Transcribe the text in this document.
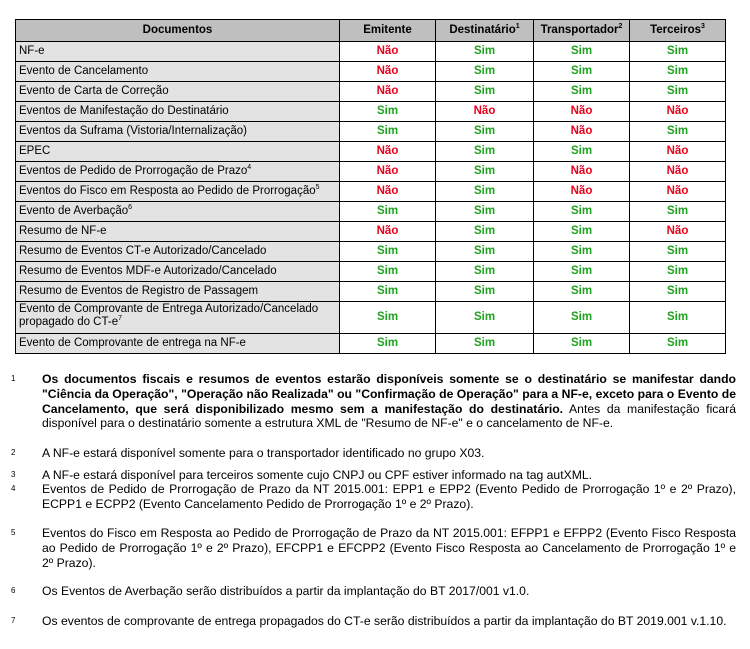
Documentos	Emitente	Destinatário$^1$	Transportador$^2$	Terceiros$^3$
NF-e	Não	Sim	Sim	Sim
Evento de Cancelamento	Não	Sim	Sim	Sim
Evento de Carta de Correção	Não	Sim	Sim	Sim
Eventos de Manifestação do Destinatário	Sim	Não	Não	Não
Eventos da Suframa (Vistoria/Internalização)	Sim	Sim	Não	Sim
EPEC	Não	Sim	Sim	Não
Eventos de Pedido de Prorrogação de Prazo$^4$	Não	Sim	Não	Não
Eventos do Fisco em Resposta ao Pedido de Prorrogação$^5$	Não	Sim	Não	Não
Evento de Averbação$^6$	Sim	Sim	Sim	Sim
Resumo de NF-e	Não	Sim	Sim	Não
Resumo de Eventos CT-e Autorizado/Cancelado	Sim	Sim	Sim	Sim
Resumo de Eventos MDF-e Autorizado/Cancelado	Sim	Sim	Sim	Sim
Resumo de Eventos de Registro de Passagem	Sim	Sim	Sim	Sim
Evento de Comprovante de Entrega Autorizado/Cancelado propagado do $CT-e^7$	Sim	Sim	Sim	Sim
Evento de Comprovante de entrega na NF-e	Sim	Sim	Sim	Sim
1 Os documentos fiscais e resumos de eventos estarão disponíveis somente se o destinatário se manifestar dando "Ciência da Operação", "Operação não Realizada" ou "Confirmação de Operação" para a NF-e, exceto para o Evento de Cancelamento, que será disponibilizado mesmo sem a manifestação do destinatário. Antes da manifestação ficará disponível para o destinatário somente a estrutura XML de "Resumo de NF-e" e o cancelamento de NF-e.
2 A NF-e estará disponível somente para o transportador identificado no grupo X03.
3 A NF-e estará disponível para terceiros somente cujo CNPJ ou CPF estiver informado na tag autXML.
4 Eventos de Pedido de Prorrogação de Prazo da NT 2015.001: EPP1 e EPP2 (Evento Pedido de Prorrogação 1º e 2º Prazo), ECPP1 e ECPP2 (Evento Cancelamento Pedido de Prorrogação 1º e 2º Prazo).
5 Eventos do Fisco em Resposta ao Pedido de Prorrogação de Prazo da NT 2015.001: EFPP1 e EFPP2 (Evento Fisco Resposta ao Pedido de Prorrogação 1º e 2º Prazo), EFCPP1 e EFCPP2 (Evento Fisco Resposta ao Cancelamento de Prorrogação 1º e 2º Prazo).
6 Os Eventos de Averbação serão distribuídos a partir da implantação do BT 2017/001 v1.0.
7 Os eventos de comprovante de entrega propagados do CT-e serão distribuídos a partir da implantação do BT 2019.001 v.1.10.
